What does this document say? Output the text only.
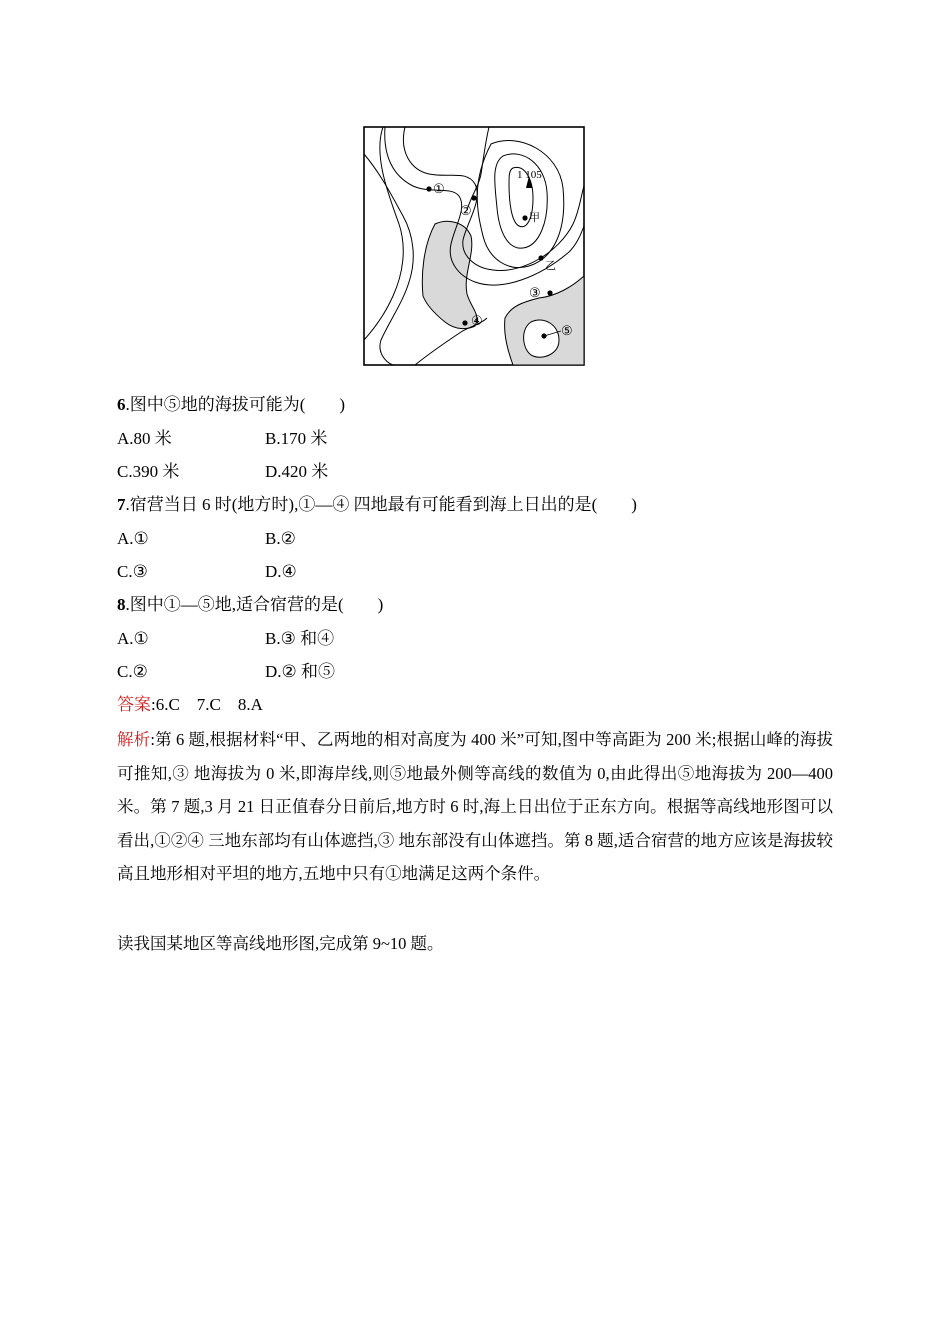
1 105
①
②	甲
乙
③
④
⑤
6.图中⑤地的海拔可能为(　　)
A.80 米	B.170 米
C.390 米	D.420 米
7.宿营当日 6 时(地方时),①—④ 四地最有可能看到海上日出的是(　　)
A.①	B.②
C.③	D.④
8.图中①—⑤地,适合宿营的是(　　)
A.①	B.③ 和④
C.②	D.② 和⑤
答案:6.C　7.C　8.A
解析:第 6 题,根据材料“甲、乙两地的相对高度为 400 米”可知,图中等高距为 200 米;根据山峰的海拔可推知,③ 地海拔为 0 米,即海岸线,则⑤地最外侧等高线的数值为 0,由此得出⑤地海拔为 200—400 米。第 7 题,3 月 21 日正值春分日前后,地方时 6 时,海上日出位于正东方向。根据等高线地形图可以看出,①②④ 三地东部均有山体遮挡,③ 地东部没有山体遮挡。第 8 题,适合宿营的地方应该是海拔较高且地形相对平坦的地方,五地中只有①地满足这两个条件。
读我国某地区等高线地形图,完成第 9~10 题。
